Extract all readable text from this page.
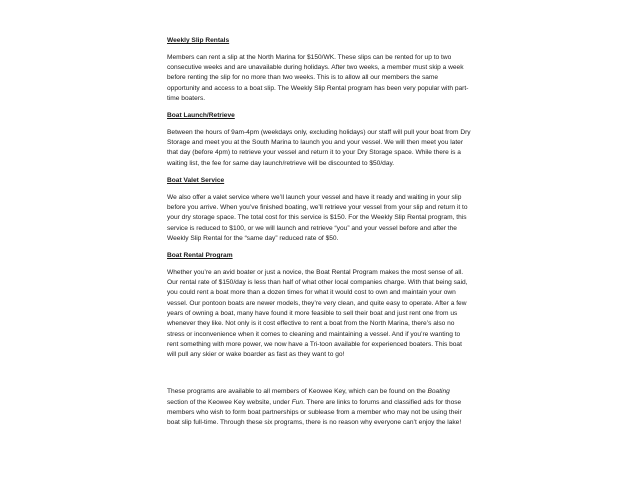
Weekly Slip Rentals

Members can rent a slip at the North Marina for $150/WK. These slips can be rented for up to two consecutive weeks and are unavailable during holidays. After two weeks, a member must skip a week before renting the slip for no more than two weeks. This is to allow all our members the same opportunity and access to a boat slip. The Weekly Slip Rental program has been very popular with part-time boaters.

Boat Launch/Retrieve

Between the hours of 9am-4pm (weekdays only, excluding holidays) our staff will pull your boat from Dry Storage and meet you at the South Marina to launch you and your vessel. We will then meet you later that day (before 4pm) to retrieve your vessel and return it to your Dry Storage space. While there is a waiting list, the fee for same day launch/retrieve will be discounted to $50/day.

Boat Valet Service

We also offer a valet service where we’ll launch your vessel and have it ready and waiting in your slip before you arrive. When you’ve finished boating, we’ll retrieve your vessel from your slip and return it to your dry storage space. The total cost for this service is $150. For the Weekly Slip Rental program, this service is reduced to $100, or we will launch and retrieve “you” and your vessel before and after the Weekly Slip Rental for the “same day” reduced rate of $50.

Boat Rental Program

Whether you’re an avid boater or just a novice, the Boat Rental Program makes the most sense of all. Our rental rate of $150/day is less than half of what other local companies charge. With that being said, you could rent a boat more than a dozen times for what it would cost to own and maintain your own vessel. Our pontoon boats are newer models, they’re very clean, and quite easy to operate. After a few years of owning a boat, many have found it more feasible to sell their boat and just rent one from us whenever they like. Not only is it cost effective to rent a boat from the North Marina, there’s also no stress or inconvenience when it comes to cleaning and maintaining a vessel. And if you’re wanting to rent something with more power, we now have a Tri-toon available for experienced boaters. This boat will pull any skier or wake boarder as fast as they want to go!

These programs are available to all members of Keowee Key, which can be found on the Boating section of the Keowee Key website, under Fun. There are links to forums and classified ads for those members who wish to form boat partnerships or sublease from a member who may not be using their boat slip full-time. Through these six programs, there is no reason why everyone can’t enjoy the lake!
